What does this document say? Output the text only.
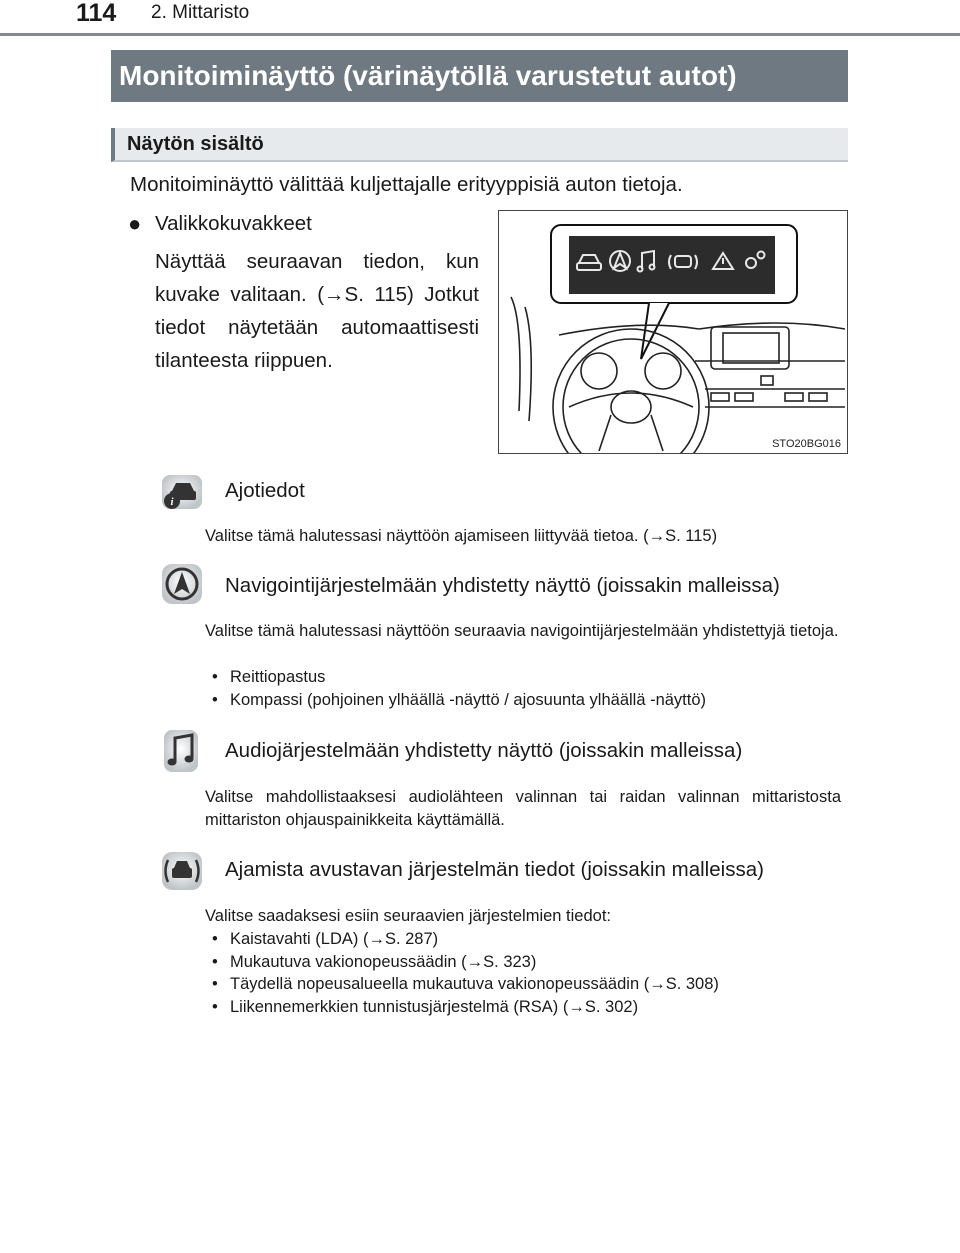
114 2. Mittaristo
Monitoiminäyttö (värinäytöllä varustetut autot)
Näytön sisältö
Monitoiminäyttö välittää kuljettajalle erityyppisiä auton tietoja.
● Valikkokuvakkeet
Näyttää seuraavan tiedon, kun kuvake valitaan. (→S. 115) Jotkut tiedot näytetään automaattisesti tilanteesta riippuen.
STO20BG016
i	Ajotiedot
Valitse tämä halutessasi näyttöön ajamiseen liittyvää tietoa. (→S. 115)
Navigointijärjestelmään yhdistetty näyttö (joissakin malleissa)
Valitse tämä halutessasi näyttöön seuraavia navigointijärjestelmään yhdistettyjä tietoja.
• Reittiopastus
• Kompassi (pohjoinen ylhäällä -näyttö / ajosuunta ylhäällä -näyttö)
Audiojärjestelmään yhdistetty näyttö (joissakin malleissa)
Valitse mahdollistaaksesi audiolähteen valinnan tai raidan valinnan mittaristosta mittariston ohjauspainikkeita käyttämällä.
Ajamista avustavan järjestelmän tiedot (joissakin malleissa)
Valitse saadaksesi esiin seuraavien järjestelmien tiedot:
• Kaistavahti (LDA) (→S. 287)
• Mukautuva vakionopeussäädin (→S. 323)
• Täydellä nopeusalueella mukautuva vakionopeussäädin (→S. 308)
• Liikennemerkkien tunnistusjärjestelmä (RSA) (→S. 302)
